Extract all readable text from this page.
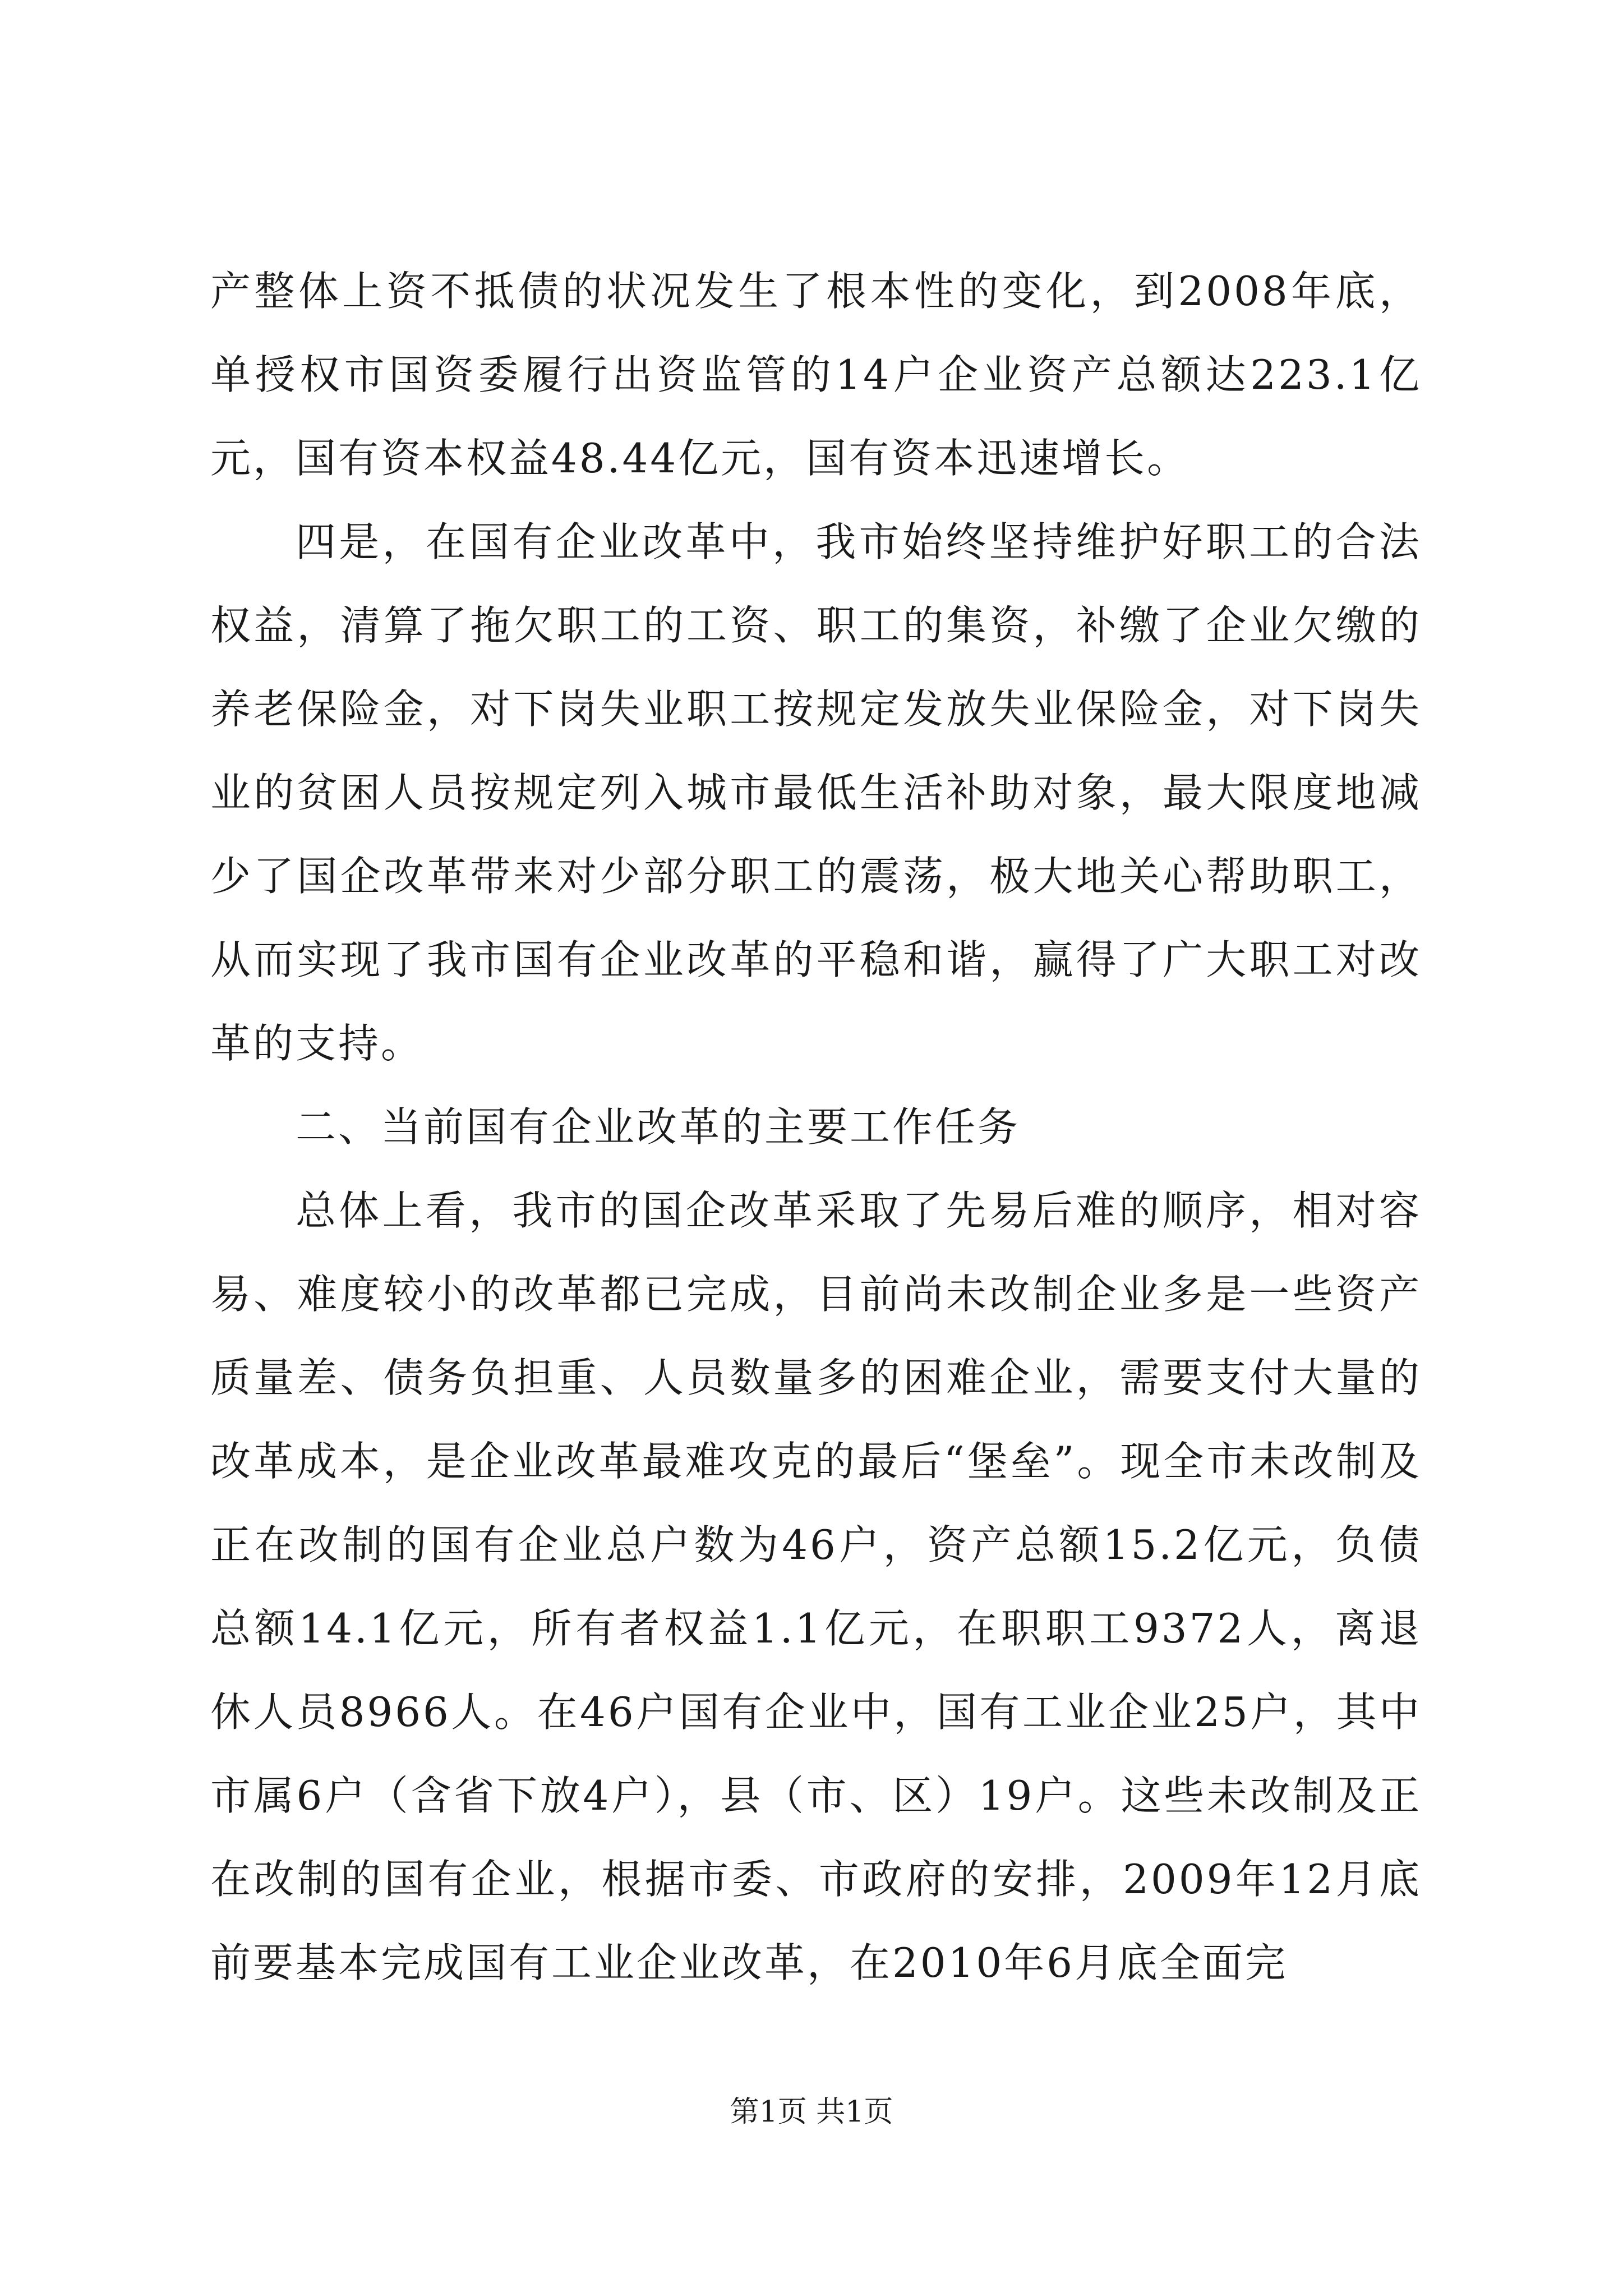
产整体上资不抵债的状况发生了根本性的变化，到2008年底，单授权市国资委履行出资监管的14户企业资产总额达223.1亿元，国有资本权益48.44亿元，国有资本迅速增长。

四是，在国有企业改革中，我市始终坚持维护好职工的合法权益，清算了拖欠职工的工资、职工的集资，补缴了企业欠缴的养老保险金，对下岗失业职工按规定发放失业保险金，对下岗失业的贫困人员按规定列入城市最低生活补助对象，最大限度地减少了国企改革带来对少部分职工的震荡，极大地关心帮助职工，从而实现了我市国有企业改革的平稳和谐，赢得了广大职工对改革的支持。

二、当前国有企业改革的主要工作任务

总体上看，我市的国企改革采取了先易后难的顺序，相对容易、难度较小的改革都已完成，目前尚未改制企业多是一些资产质量差、债务负担重、人员数量多的困难企业，需要支付大量的改革成本，是企业改革最难攻克的最后“堡垒”。现全市未改制及正在改制的国有企业总户数为46户，资产总额15.2亿元，负债总额14.1亿元，所有者权益1.1亿元，在职职工9372人，离退休人员8966人。在46户国有企业中，国有工业企业25户，其中市属6户（含省下放4户），县（市、区）19户。这些未改制及正在改制的国有企业，根据市委、市政府的安排，2009年12月底前要基本完成国有工业企业改革，在2010年6月底全面完

第1页 共1页
